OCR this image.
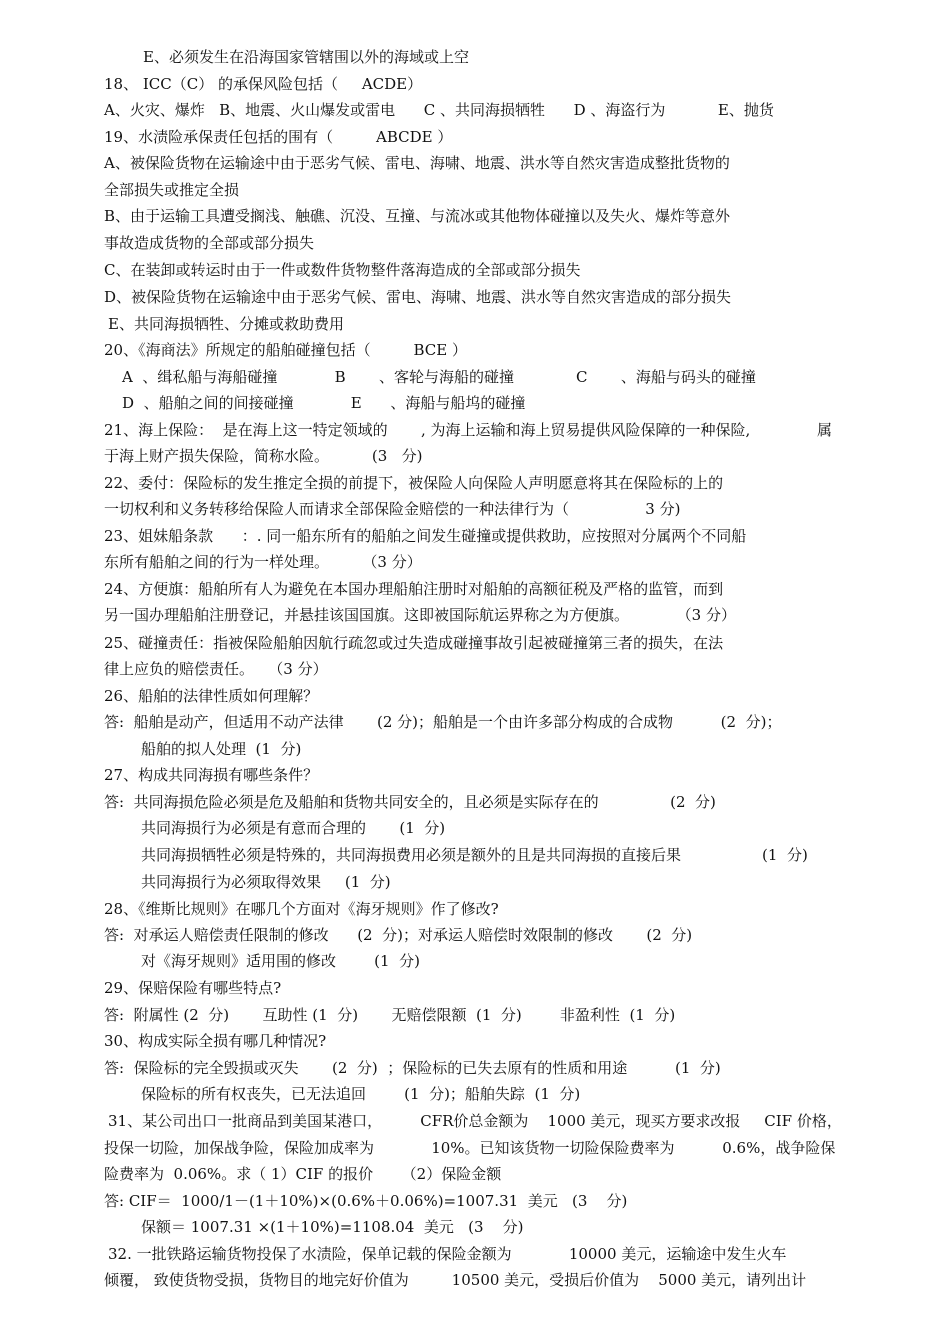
E、必须发生在沿海国家管辖围以外的海域或上空
18、 ICC（C） 的承保风险包括（     ACDE）
A、火灾、爆炸   B、地震、火山爆发或雷电      C 、共同海损牺牲      D 、海盗行为           E、抛货
19、水渍险承保责任包括的围有（         ABCDE ）
A、被保险货物在运输途中由于恶劣气候、雷电、海啸、地震、洪水等自然灾害造成整批货物的
全部损失或推定全损
B、由于运输工具遭受搁浅、触礁、沉没、互撞、与流冰或其他物体碰撞以及失火、爆炸等意外
事故造成货物的全部或部分损失
C、在装卸或转运时由于一件或数件货物整件落海造成的全部或部分损失
D、被保险货物在运输途中由于恶劣气候、雷电、海啸、地震、洪水等自然灾害造成的部分损失
E、共同海损牺牲、分摊或救助费用
20、《海商法》所规定的船舶碰撞包括（         BCE ）
A  、缉私船与海船碰撞            B       、客轮与海船的碰撞             C       、海船与码头的碰撞
D  、船舶之间的间接碰撞            E      、海船与船坞的碰撞
21、海上保险：  是在海上这一特定领域的       , 为海上运输和海上贸易提供风险保障的一种保险,              属
于海上财产损失保险，简称水险。         (3   分)
22、委付：保险标的发生推定全损的前提下，被保险人向保险人声明愿意将其在保险标的上的
一切权利和义务转移给保险人而请求全部保险金赔偿的一种法律行为（                3 分)
23、姐妹船条款      ：. 同一船东所有的船舶之间发生碰撞或提供救助，应按照对分属两个不同船
东所有船舶之间的行为一样处理。       （3 分）
24、方便旗：船舶所有人为避免在本国办理船舶注册时对船舶的高额征税及严格的监管，而到
另一国办理船舶注册登记，并悬挂该国国旗。这即被国际航运界称之为方便旗。          （3 分）
25、碰撞责任：指被保险船舶因航行疏忽或过失造成碰撞事故引起被碰撞第三者的损失，在法
律上应负的赔偿责任。   （3 分）
26、船舶的法律性质如何理解？
答:  船舶是动产，但适用不动产法律       (2 分)；船舶是一个由许多部分构成的合成物          (2  分)；
船舶的拟人处理  (1  分)
27、构成共同海损有哪些条件？
答:  共同海损危险必须是危及船舶和货物共同安全的，且必须是实际存在的               (2  分)
共同海损行为必须是有意而合理的       (1  分)
共同海损牺牲必须是特殊的，共同海损费用必须是额外的且是共同海损的直接后果                 (1  分)
共同海损行为必须取得效果     (1  分)
28、《维斯比规则》在哪几个方面对《海牙规则》作了修改?
答:  对承运人赔偿责任限制的修改      (2  分)；对承运人赔偿时效限制的修改       (2  分)
对《海牙规则》适用围的修改        (1  分)
29、保赔保险有哪些特点?
答:  附属性 (2  分)       互助性 (1  分)       无赔偿限额  (1  分)        非盈利性  (1  分)
30、构成实际全损有哪几种情况?
答:  保险标的完全毁损或灭失       (2  分)  ；保险标的已失去原有的性质和用途          (1  分)
保险标的所有权丧失，已无法追回        (1  分)；船舶失踪  (1  分)
31、某公司出口一批商品到美国某港口，        CFR价总金额为    1000 美元，现买方要求改报     CIF 价格，
投保一切险，加保战争险，保险加成率为            10%。已知该货物一切险保险费率为          0.6%，战争险保
险费率为  0.06%。求（ 1）CIF 的报价      （2）保险金额
答: CIF＝  1000/1－(1＋10%)×(0.6%＋0.06%)=1007.31  美元   (3    分)
保额＝ 1007.31 ×(1＋10%)=1108.04  美元   (3    分)
32. 一批铁路运输货物投保了水渍险，保单记载的保险金额为            10000 美元，运输途中发生火车
倾覆， 致使货物受损，货物目的地完好价值为         10500 美元，受损后价值为    5000 美元，请列出计
